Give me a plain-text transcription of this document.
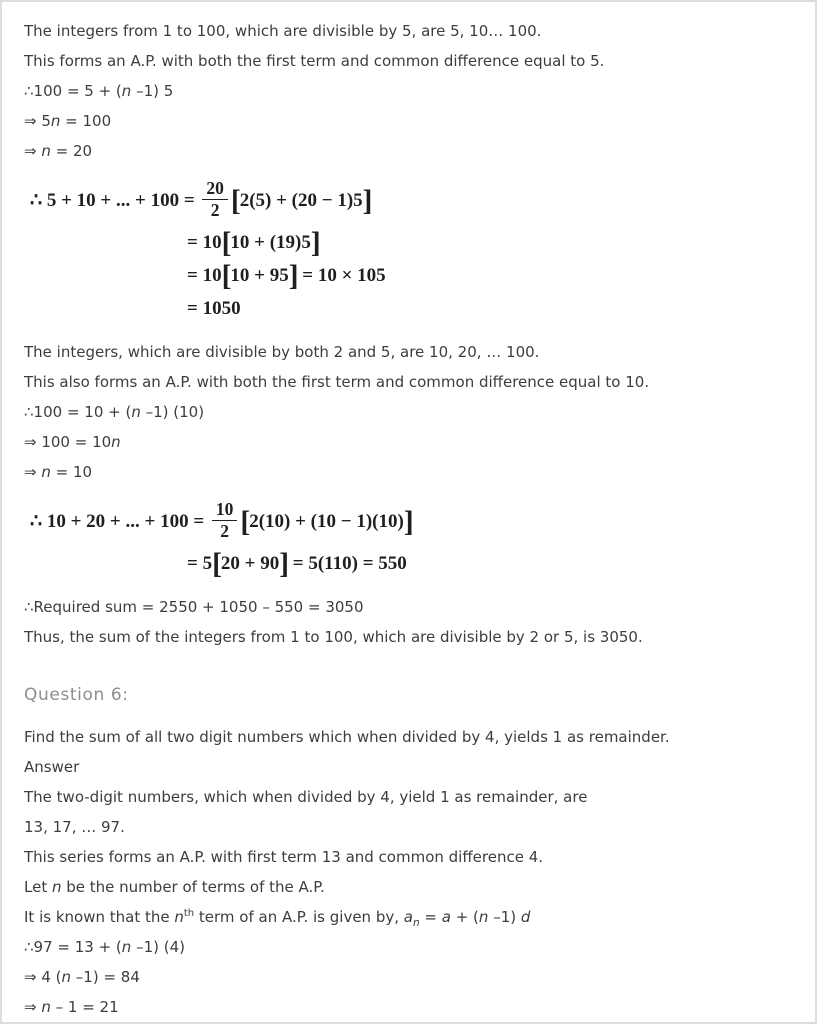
The integers from 1 to 100, which are divisible by 5, are 5, 10… 100.

This forms an A.P. with both the first term and common difference equal to 5.

∴100 = 5 + (n –1) 5

⇒ 5n = 100

⇒ n = 20

∴ 5 + 10 + ... + $100 = \frac{20}{2} [2(5) + (20 - 1)5]$
= 10[10 + (19)5]
= 10[10 + 95] = 10 × 105
= 1050

The integers, which are divisible by both 2 and 5, are 10, 20, … 100.

This also forms an A.P. with both the first term and common difference equal to 10.

∴100 = 10 + (n –1) (10)

⇒ 100 = 10n

⇒ n = 10

∴ 10 + 20 + ... + $100 = \frac{10}{2} [2(10) + (10 - 1)(10)]$
= 5[20 + 90] = 5(110) = 550

∴Required sum = 2550 + 1050 – 550 = 3050

Thus, the sum of the integers from 1 to 100, which are divisible by 2 or 5, is 3050.

Question 6:

Find the sum of all two digit numbers which when divided by 4, yields 1 as remainder.

Answer

The two-digit numbers, which when divided by 4, yield 1 as remainder, are

13, 17, … 97.

This series forms an A.P. with first term 13 and common difference 4.

Let n be the number of terms of the A.P.

It is known that the $n^{th}$ term of an A.P. is given by, $a_n = a + (n$ –1) d

∴97 = 13 + (n –1) (4)

⇒ 4 (n –1) = 84

⇒ n – 1 = 21
